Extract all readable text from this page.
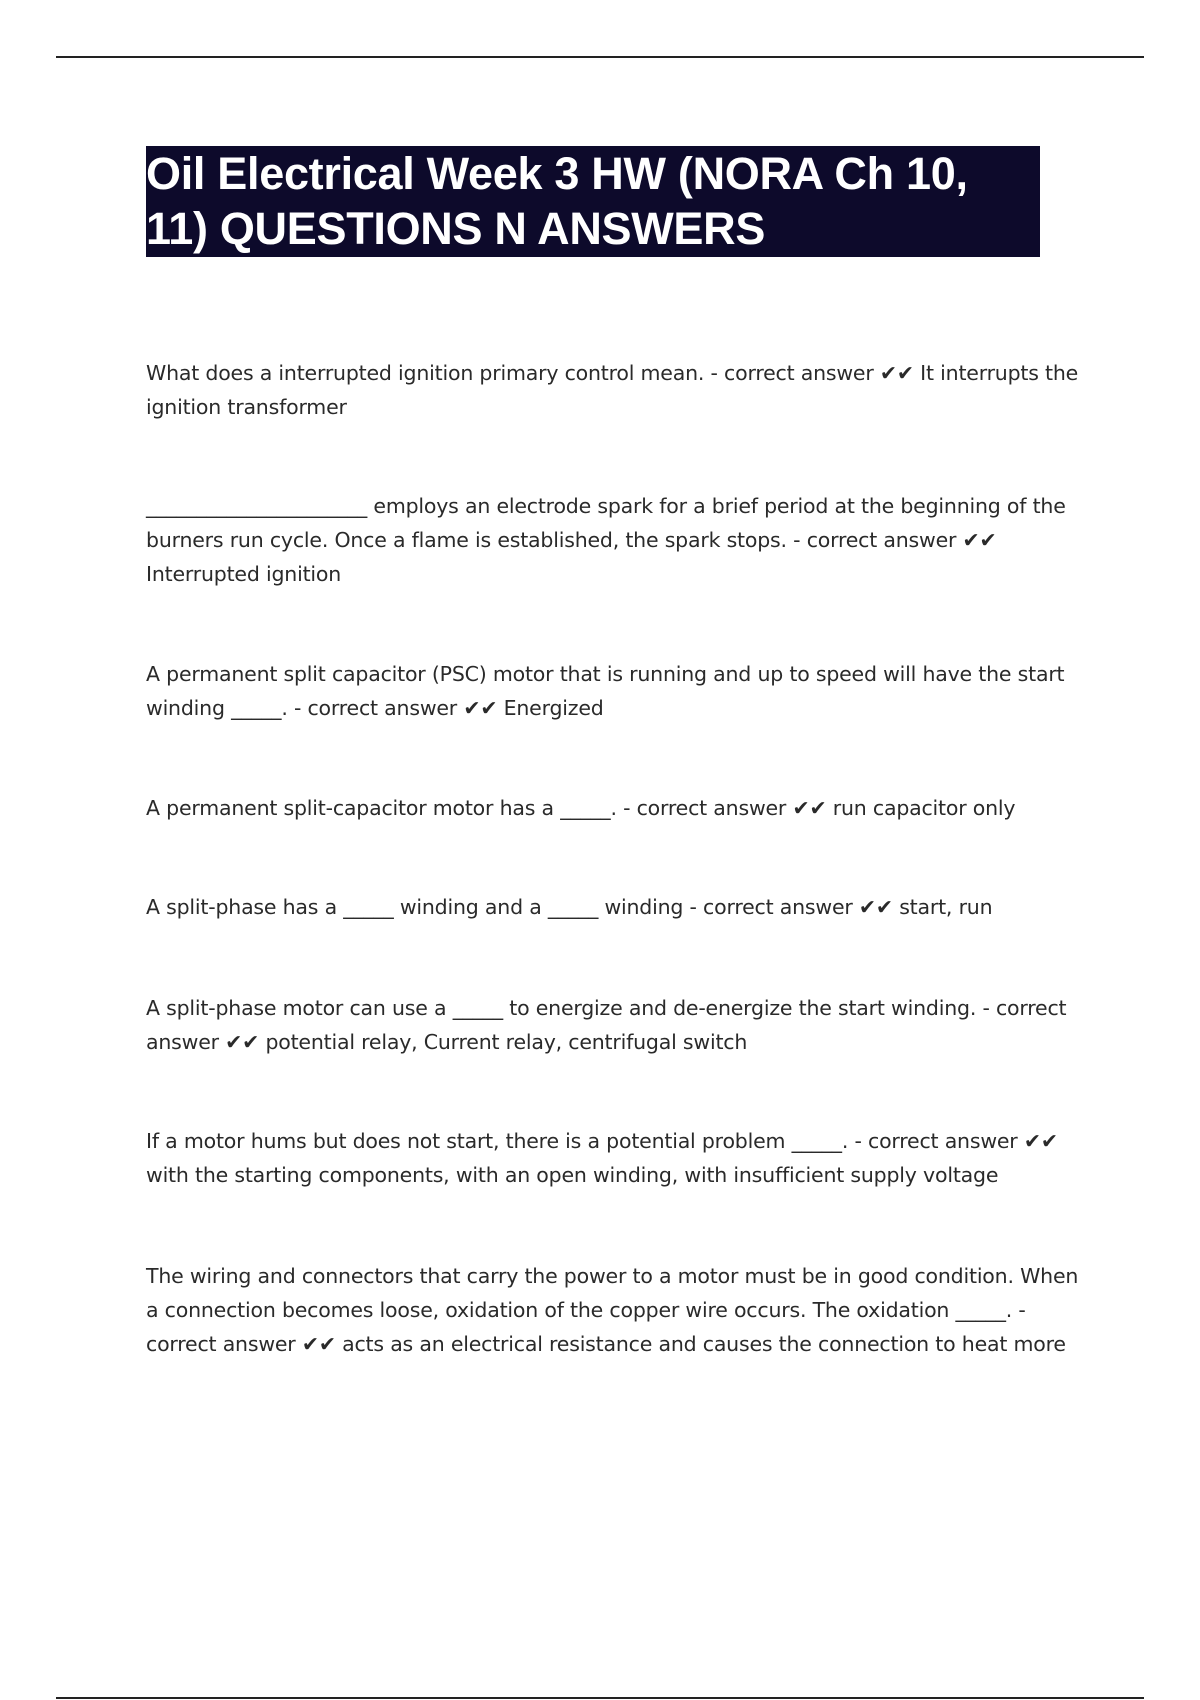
Oil Electrical Week 3 HW (NORA Ch 10, 11) QUESTIONS N ANSWERS
What does a interrupted ignition primary control mean. - correct answer ✔✔ It interrupts the ignition transformer
______________________ employs an electrode spark for a brief period at the beginning of the burners run cycle. Once a flame is established, the spark stops. - correct answer ✔✔ Interrupted ignition
A permanent split capacitor (PSC) motor that is running and up to speed will have the start winding _____. - correct answer ✔✔ Energized
A permanent split-capacitor motor has a _____. - correct answer ✔✔ run capacitor only
A split-phase has a _____ winding and a _____ winding - correct answer ✔✔ start, run
A split-phase motor can use a _____ to energize and de-energize the start winding. - correct answer ✔✔ potential relay, Current relay, centrifugal switch
If a motor hums but does not start, there is a potential problem _____. - correct answer ✔✔ with the starting components, with an open winding, with insufficient supply voltage
The wiring and connectors that carry the power to a motor must be in good condition. When a connection becomes loose, oxidation of the copper wire occurs. The oxidation _____. - correct answer ✔✔ acts as an electrical resistance and causes the connection to heat more
